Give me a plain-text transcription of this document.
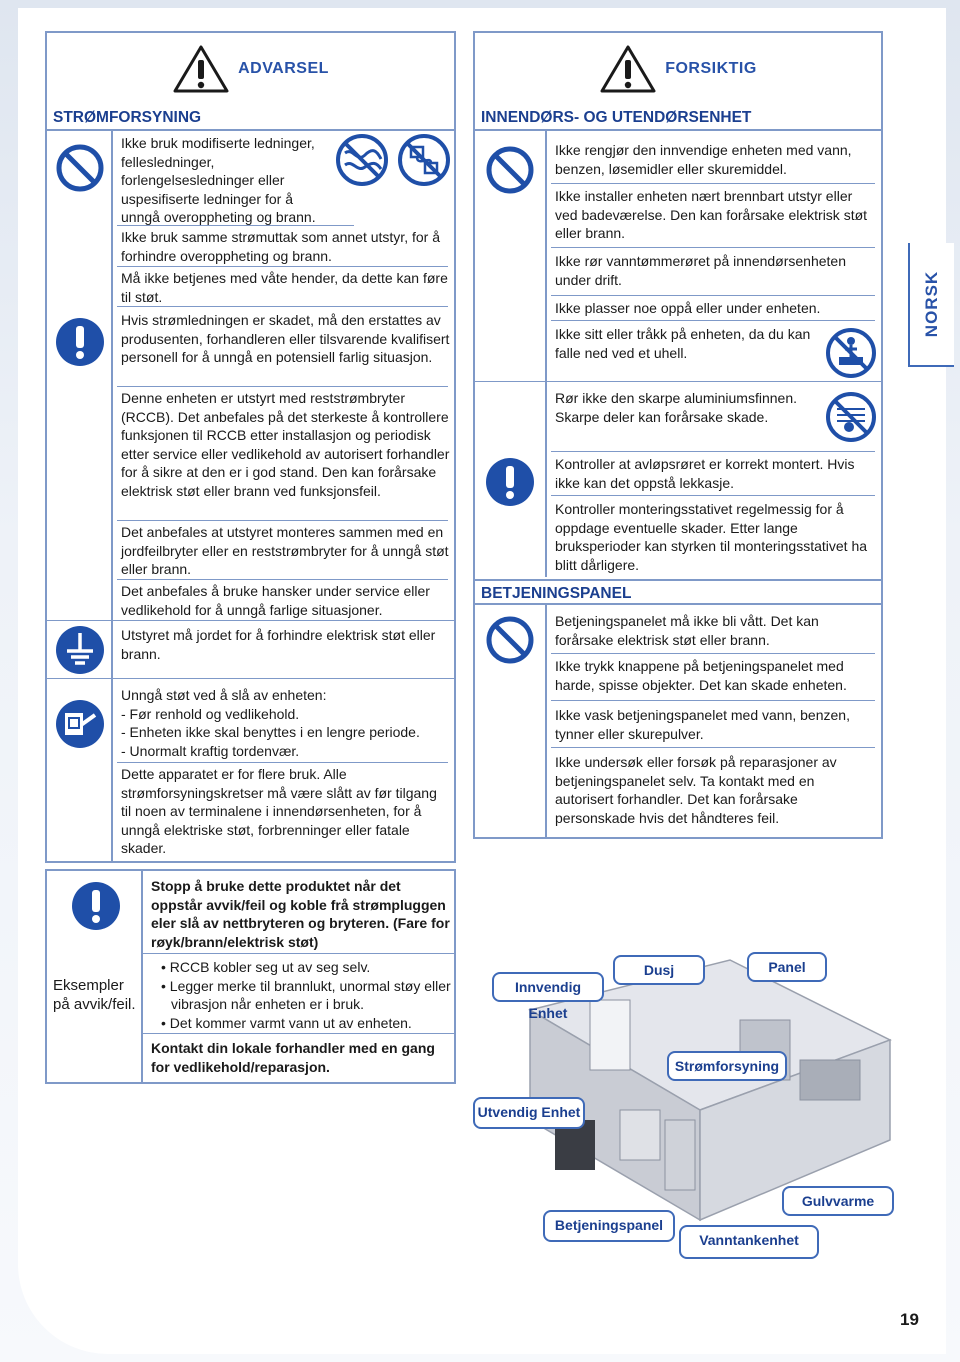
ADVARSEL
STRØMFORSYNING
Ikke bruk modifiserte ledninger, fellesledninger, forlengelsesledninger eller uspesifiserte ledninger for å unngå overoppheting og brann.
Ikke bruk samme strømuttak som annet utstyr, for å forhindre overoppheting og brann.
Må ikke betjenes med våte hender, da dette kan føre til støt.
Hvis strømledningen er skadet, må den erstattes av produsenten, forhandleren eller tilsvarende kvalifisert personell for å unngå en potensiell farlig situasjon.
Denne enheten er utstyrt med reststrømbryter (RCCB). Det anbefales på det sterkeste å kontrollere funksjonen til RCCB etter installasjon og periodisk etter service eller vedlikehold av autorisert forhandler for å sikre at den er i god stand. Den kan forårsake elektrisk støt eller brann ved funksjonsfeil.
Det anbefales at utstyret monteres sammen med en jordfeilbryter eller en reststrømbryter for å unngå støt eller brann.
Det anbefales å bruke hansker under service eller vedlikehold for å unngå farlige situasjoner.
Utstyret må jordet for å forhindre elektrisk støt eller brann.
Unngå støt ved å slå av enheten:
- Før renhold og vedlikehold.
- Enheten ikke skal benyttes i en lengre periode.
- Unormalt kraftig tordenvær.
Dette apparatet er for flere bruk. Alle strømforsyningskretser må være slått av før tilgang til noen av terminalene i innendørsenheten, for å unngå elektriske støt, forbrenninger eller fatale skader.
Eksempler på avvik/feil.
Stopp å bruke dette produktet når det oppstår avvik/feil og koble frå strømpluggen eler slå av nettbryteren og bryteren. (Fare for røyk/brann/elektrisk støt)
• RCCB kobler seg ut av seg selv.
• Legger merke til brannlukt, unormal støy eller vibrasjon når enheten er i bruk.
• Det kommer varmt vann ut av enheten.
Kontakt din lokale forhandler med en gang for vedlikehold/reparasjon.
FORSIKTIG
INNENDØRS- OG UTENDØRSENHET
Ikke rengjør den innvendige enheten med vann, benzen, løsemidler eller skuremiddel.
Ikke installer enheten nært brennbart utstyr eller ved badeværelse. Den kan forårsake elektrisk støt eller brann.
Ikke rør vanntømmerøret på innendørsenheten under drift.
Ikke plasser noe oppå eller under enheten.
Ikke sitt eller tråkk på enheten, da du kan falle ned ved et uhell.
Rør ikke den skarpe aluminiumsfinnen. Skarpe deler kan forårsake skade.
Kontroller at avløpsrøret er korrekt montert. Hvis ikke kan det oppstå lekkasje.
Kontroller monteringsstativet regelmessig for å oppdage eventuelle skader. Etter lange bruksperioder kan styrken til monteringsstativet ha blitt dårligere.
BETJENINGSPANEL
Betjeningspanelet må ikke bli vått. Det kan forårsake elektrisk støt eller brann.
Ikke trykk knappene på betjeningspanelet med harde, spisse objekter. Det kan skade enheten.
Ikke vask betjeningspanelet med vann, benzen, tynner eller skurepulver.
Ikke undersøk eller forsøk på reparasjoner av betjeningspanelet selv. Ta kontakt med en autorisert forhandler. Det kan forårsake personskade hvis det håndteres feil.
Innvendig Enhet
Dusj	Panel
Strømforsyning
Utvendig Enhet
Gulvvarme
Betjeningspanel
Vanntankenhet
NORSK
19
